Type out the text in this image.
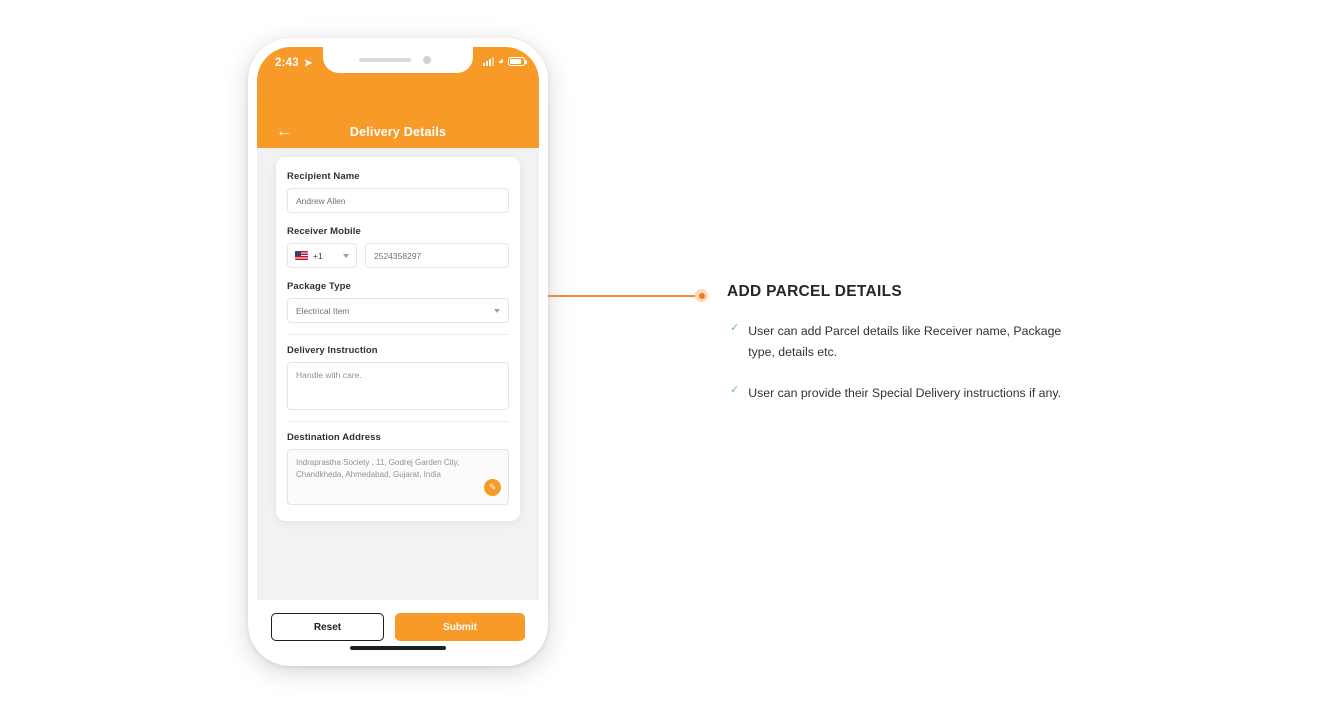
2:43 ➤	◕
←	Delivery Details
Recipient Name
Andrew Allen
Receiver Mobile
+1	2524358297
Package Type
Electrical Item
Delivery Instruction
Handle with care.
Destination Address
Indraprastha Society , 11, Godrej Garden City, Chandkheda, Ahmedabad, Gujarat, India
✎
Reset	Submit
ADD PARCEL DETAILS
✓ User can add Parcel details like Receiver name, Package type, details etc.
✓ User can provide their Special Delivery instructions if any.
